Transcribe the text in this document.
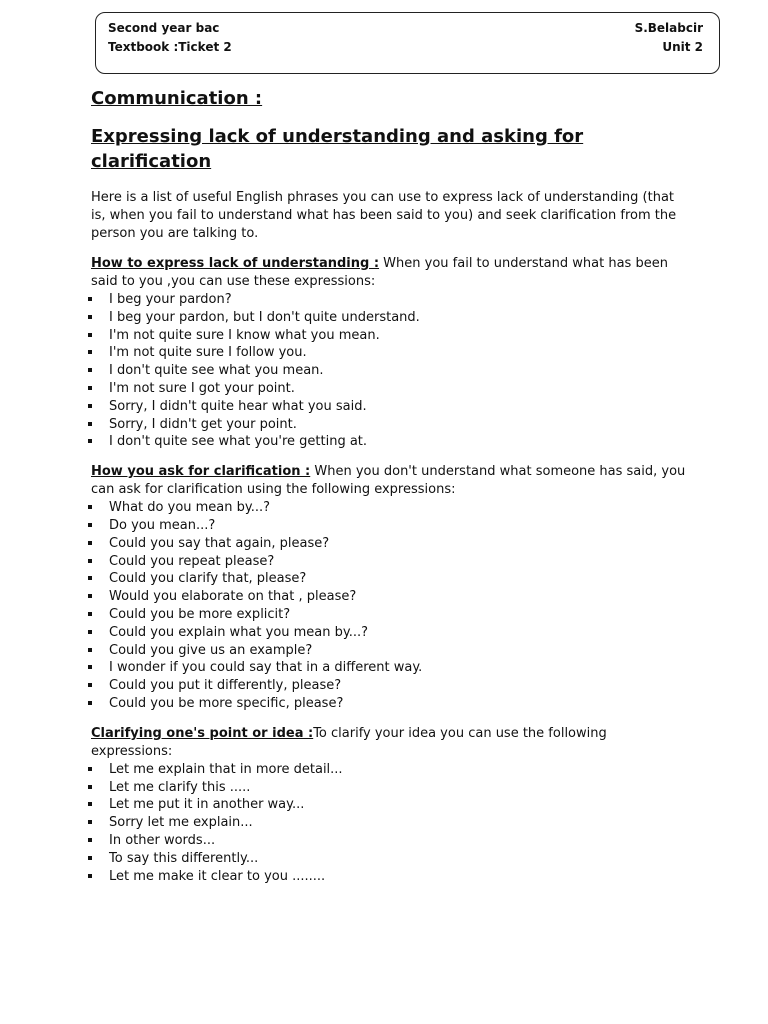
Second year bac	S.Belabcir
Textbook :Ticket 2	Unit 2
Communication :
Expressing lack of understanding and asking for clarification

Here is a list of useful English phrases you can use to express lack of understanding (that is, when you fail to understand what has been said to you) and seek clarification from the person you are talking to.

How to express lack of understanding : When you fail to understand what has been said to you ,you can use these expressions:

I beg your pardon?
I beg your pardon, but I don't quite understand.
I'm not quite sure I know what you mean.
I'm not quite sure I follow you.
I don't quite see what you mean.
I'm not sure I got your point.
Sorry, I didn't quite hear what you said.
Sorry, I didn't get your point.
I don't quite see what you're getting at.

How you ask for clarification : When you don't understand what someone has said, you can ask for clarification using the following expressions:

What do you mean by...?
Do you mean...?
Could you say that again, please?
Could you repeat please?
Could you clarify that, please?
Would you elaborate on that , please?
Could you be more explicit?
Could you explain what you mean by...?
Could you give us an example?
I wonder if you could say that in a different way.
Could you put it differently, please?
Could you be more specific, please?

Clarifying one's point or idea :To clarify your idea you can use the following expressions:

Let me explain that in more detail...
Let me clarify this .....
Let me put it in another way...
Sorry let me explain...
In other words...
To say this differently...
Let me make it clear to you ........
